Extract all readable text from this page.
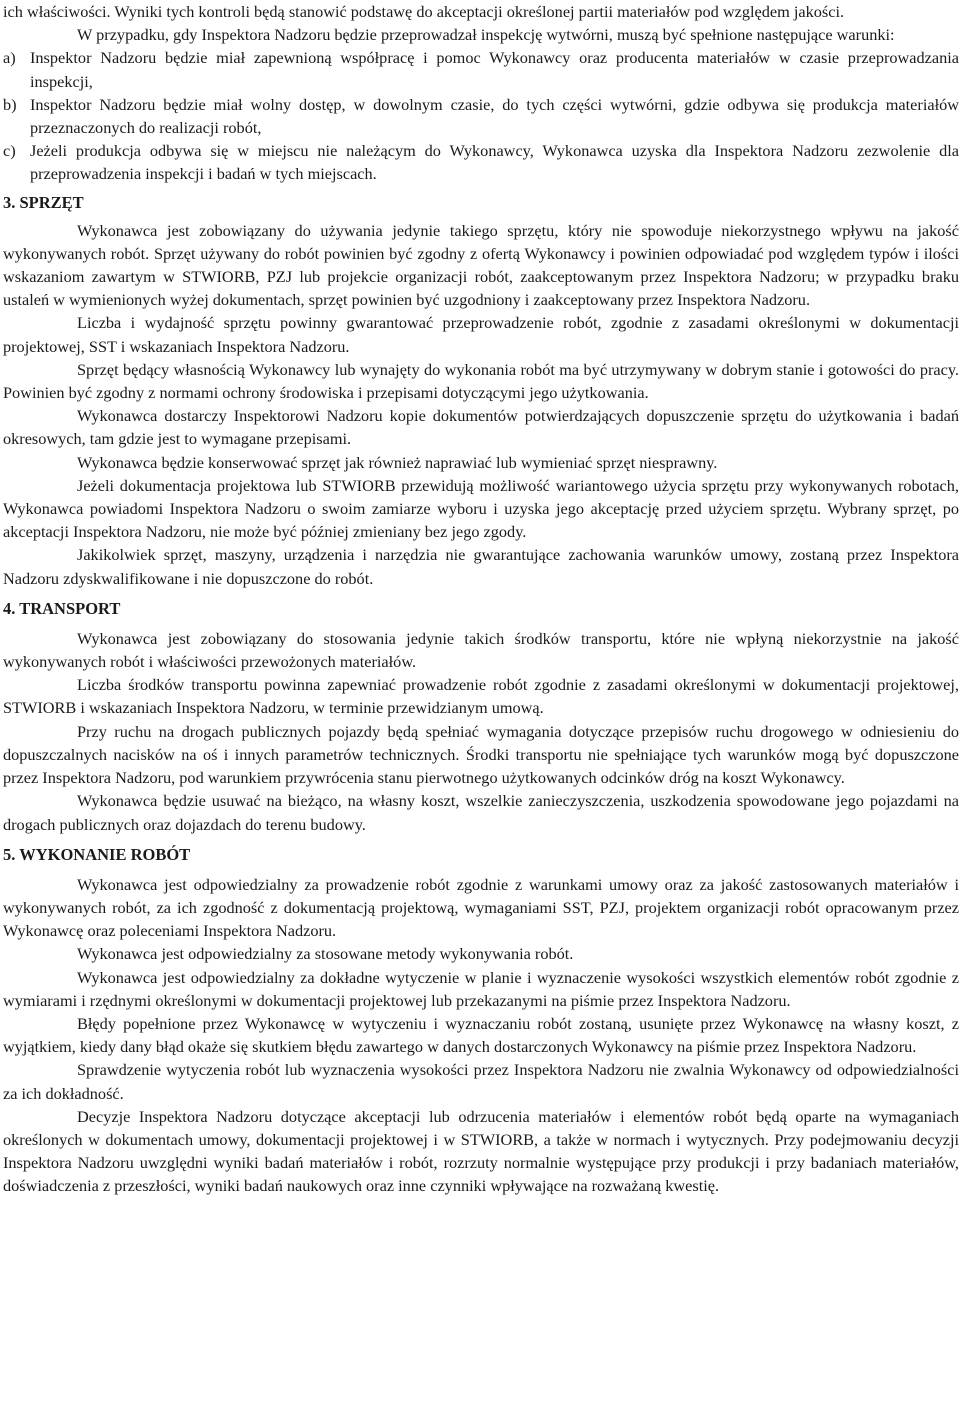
ich właściwości. Wyniki tych kontroli będą stanowić podstawę do akceptacji określonej partii materiałów pod względem jakości.

W przypadku, gdy Inspektora Nadzoru będzie przeprowadzał inspekcję wytwórni, muszą być spełnione następujące warunki:

a) Inspektor Nadzoru będzie miał zapewnioną współpracę i pomoc Wykonawcy oraz producenta materiałów w czasie przeprowadzania inspekcji,

b) Inspektor Nadzoru będzie miał wolny dostęp, w dowolnym czasie, do tych części wytwórni, gdzie odbywa się produkcja materiałów przeznaczonych do realizacji robót,

c) Jeżeli produkcja odbywa się w miejscu nie należącym do Wykonawcy, Wykonawca uzyska dla Inspektora Nadzoru zezwolenie dla przeprowadzenia inspekcji i badań w tych miejscach.

3. SPRZĘT

Wykonawca jest zobowiązany do używania jedynie takiego sprzętu, który nie spowoduje niekorzystnego wpływu na jakość wykonywanych robót. Sprzęt używany do robót powinien być zgodny z ofertą Wykonawcy i powinien odpowiadać pod względem typów i ilości wskazaniom zawartym w STWIORB, PZJ lub projekcie organizacji robót, zaakceptowanym przez Inspektora Nadzoru; w przypadku braku ustaleń w wymienionych wyżej dokumentach, sprzęt powinien być uzgodniony i zaakceptowany przez Inspektora Nadzoru.

Liczba i wydajność sprzętu powinny gwarantować przeprowadzenie robót, zgodnie z zasadami określonymi w dokumentacji projektowej, SST i wskazaniach Inspektora Nadzoru.

Sprzęt będący własnością Wykonawcy lub wynajęty do wykonania robót ma być utrzymywany w dobrym stanie i gotowości do pracy. Powinien być zgodny z normami ochrony środowiska i przepisami dotyczącymi jego użytkowania.

Wykonawca dostarczy Inspektorowi Nadzoru kopie dokumentów potwierdzających dopuszczenie sprzętu do użytkowania i badań okresowych, tam gdzie jest to wymagane przepisami.

Wykonawca będzie konserwować sprzęt jak również naprawiać lub wymieniać sprzęt niesprawny.

Jeżeli dokumentacja projektowa lub STWIORB przewidują możliwość wariantowego użycia sprzętu przy wykonywanych robotach, Wykonawca powiadomi Inspektora Nadzoru o swoim zamiarze wyboru i uzyska jego akceptację przed użyciem sprzętu. Wybrany sprzęt, po akceptacji Inspektora Nadzoru, nie może być później zmieniany bez jego zgody.

Jakikolwiek sprzęt, maszyny, urządzenia i narzędzia nie gwarantujące zachowania warunków umowy, zostaną przez Inspektora Nadzoru zdyskwalifikowane i nie dopuszczone do robót.

4. TRANSPORT

Wykonawca jest zobowiązany do stosowania jedynie takich środków transportu, które nie wpłyną niekorzystnie na jakość wykonywanych robót i właściwości przewożonych materiałów.

Liczba środków transportu powinna zapewniać prowadzenie robót zgodnie z zasadami określonymi w dokumentacji projektowej, STWIORB i wskazaniach Inspektora Nadzoru, w terminie przewidzianym umową.

Przy ruchu na drogach publicznych pojazdy będą spełniać wymagania dotyczące przepisów ruchu drogowego w odniesieniu do dopuszczalnych nacisków na oś i innych parametrów technicznych. Środki transportu nie spełniające tych warunków mogą być dopuszczone przez Inspektora Nadzoru, pod warunkiem przywrócenia stanu pierwotnego użytkowanych odcinków dróg na koszt Wykonawcy.

Wykonawca będzie usuwać na bieżąco, na własny koszt, wszelkie zanieczyszczenia, uszkodzenia spowodowane jego pojazdami na drogach publicznych oraz dojazdach do terenu budowy.

5. WYKONANIE ROBÓT

Wykonawca jest odpowiedzialny za prowadzenie robót zgodnie z warunkami umowy oraz za jakość zastosowanych materiałów i wykonywanych robót, za ich zgodność z dokumentacją projektową, wymaganiami SST, PZJ, projektem organizacji robót opracowanym przez Wykonawcę oraz poleceniami Inspektora Nadzoru.

Wykonawca jest odpowiedzialny za stosowane metody wykonywania robót.

Wykonawca jest odpowiedzialny za dokładne wytyczenie w planie i wyznaczenie wysokości wszystkich elementów robót zgodnie z wymiarami i rzędnymi określonymi w dokumentacji projektowej lub przekazanymi na piśmie przez Inspektora Nadzoru.

Błędy popełnione przez Wykonawcę w wytyczeniu i wyznaczaniu robót zostaną, usunięte przez Wykonawcę na własny koszt, z wyjątkiem, kiedy dany błąd okaże się skutkiem błędu zawartego w danych dostarczonych Wykonawcy na piśmie przez Inspektora Nadzoru.

Sprawdzenie wytyczenia robót lub wyznaczenia wysokości przez Inspektora Nadzoru nie zwalnia Wykonawcy od odpowiedzialności za ich dokładność.

Decyzje Inspektora Nadzoru dotyczące akceptacji lub odrzucenia materiałów i elementów robót będą oparte na wymaganiach określonych w dokumentach umowy, dokumentacji projektowej i w STWIORB, a także w normach i wytycznych. Przy podejmowaniu decyzji Inspektora Nadzoru uwzględni wyniki badań materiałów i robót, rozrzuty normalnie występujące przy produkcji i przy badaniach materiałów, doświadczenia z przeszłości, wyniki badań naukowych oraz inne czynniki wpływające na rozważaną kwestię.
